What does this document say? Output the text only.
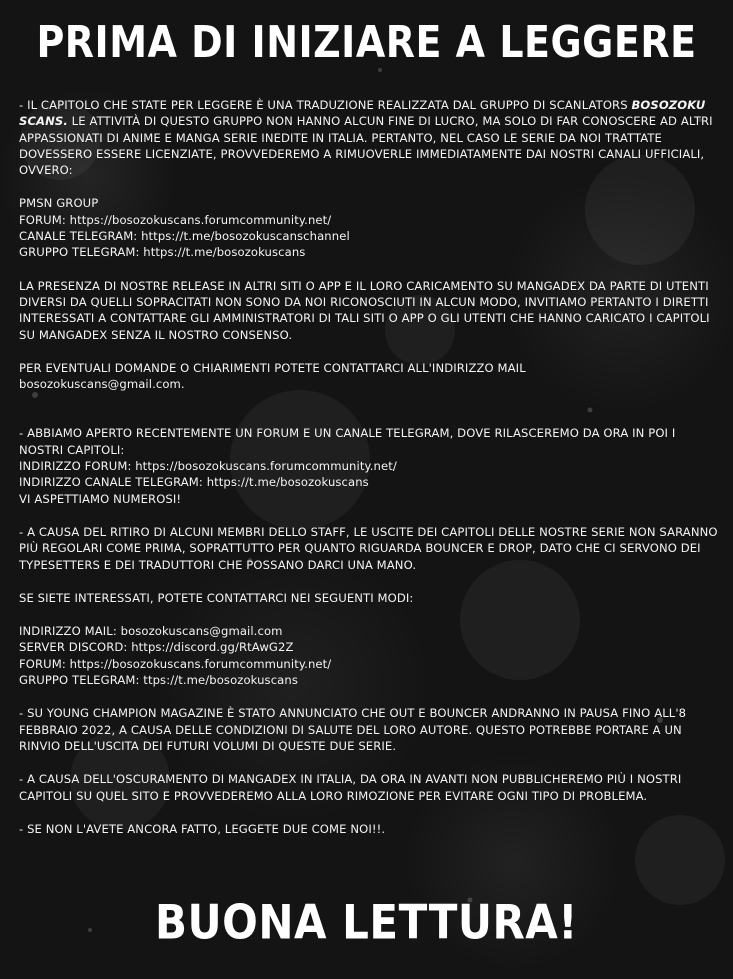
PRIMA DI INIZIARE A LEGGERE

- IL CAPITOLO CHE STATE PER LEGGERE È UNA TRADUZIONE REALIZZATA DAL GRUPPO DI SCANLATORS BOSOZOKU SCANS. LE ATTIVITÀ DI QUESTO GRUPPO NON HANNO ALCUN FINE DI LUCRO, MA SOLO DI FAR CONOSCERE AD ALTRI APPASSIONATI DI ANIME E MANGA SERIE INEDITE IN ITALIA. PERTANTO, NEL CASO LE SERIE DA NOI TRATTATE DOVESSERO ESSERE LICENZIATE, PROVVEDEREMO A RIMUOVERLE IMMEDIATAMENTE DAI NOSTRI CANALI UFFICIALI, OVVERO:

PMSN GROUP

FORUM: https://bosozokuscans.forumcommunity.net/

CANALE TELEGRAM: https://t.me/bosozokuscanschannel

GRUPPO TELEGRAM: https://t.me/bosozokuscans

LA PRESENZA DI NOSTRE RELEASE IN ALTRI SITI O APP E IL LORO CARICAMENTO SU MANGADEX DA PARTE DI UTENTI DIVERSI DA QUELLI SOPRACITATI NON SONO DA NOI RICONOSCIUTI IN ALCUN MODO, INVITIAMO PERTANTO I DIRETTI INTERESSATI A CONTATTARE GLI AMMINISTRATORI DI TALI SITI O APP O GLI UTENTI CHE HANNO CARICATO I CAPITOLI SU MANGADEX SENZA IL NOSTRO CONSENSO.

PER EVENTUALI DOMANDE O CHIARIMENTI POTETE CONTATTARCI ALL'INDIRIZZO MAIL

bosozokuscans@gmail.com.

- ABBIAMO APERTO RECENTEMENTE UN FORUM E UN CANALE TELEGRAM, DOVE RILASCEREMO DA ORA IN POI I NOSTRI CAPITOLI:

INDIRIZZO FORUM: https://bosozokuscans.forumcommunity.net/

INDIRIZZO CANALE TELEGRAM: https://t.me/bosozokuscans

VI ASPETTIAMO NUMEROSI!

- A CAUSA DEL RITIRO DI ALCUNI MEMBRI DELLO STAFF, LE USCITE DEI CAPITOLI DELLE NOSTRE SERIE NON SARANNO PIÙ REGOLARI COME PRIMA, SOPRATTUTTO PER QUANTO RIGUARDA BOUNCER E DROP, DATO CHE CI SERVONO DEI TYPESETTERS E DEI TRADUTTORI CHE POSSANO DARCI UNA MANO.

SE SIETE INTERESSATI, POTETE CONTATTARCI NEI SEGUENTI MODI:

INDIRIZZO MAIL: bosozokuscans@gmail.com

SERVER DISCORD: https://discord.gg/RtAwG2Z

FORUM: https://bosozokuscans.forumcommunity.net/

GRUPPO TELEGRAM: ttps://t.me/bosozokuscans

- SU YOUNG CHAMPION MAGAZINE È STATO ANNUNCIATO CHE OUT E BOUNCER ANDRANNO IN PAUSA FINO ALL'8 FEBBRAIO 2022, A CAUSA DELLE CONDIZIONI DI SALUTE DEL LORO AUTORE. QUESTO POTREBBE PORTARE A UN RINVIO DELL'USCITA DEI FUTURI VOLUMI DI QUESTE DUE SERIE.

- A CAUSA DELL'OSCURAMENTO DI MANGADEX IN ITALIA, DA ORA IN AVANTI NON PUBBLICHEREMO PIÙ I NOSTRI CAPITOLI SU QUEL SITO E PROVVEDEREMO ALLA LORO RIMOZIONE PER EVITARE OGNI TIPO DI PROBLEMA.

- SE NON L'AVETE ANCORA FATTO, LEGGETE DUE COME NOI!!.

BUONA LETTURA!
